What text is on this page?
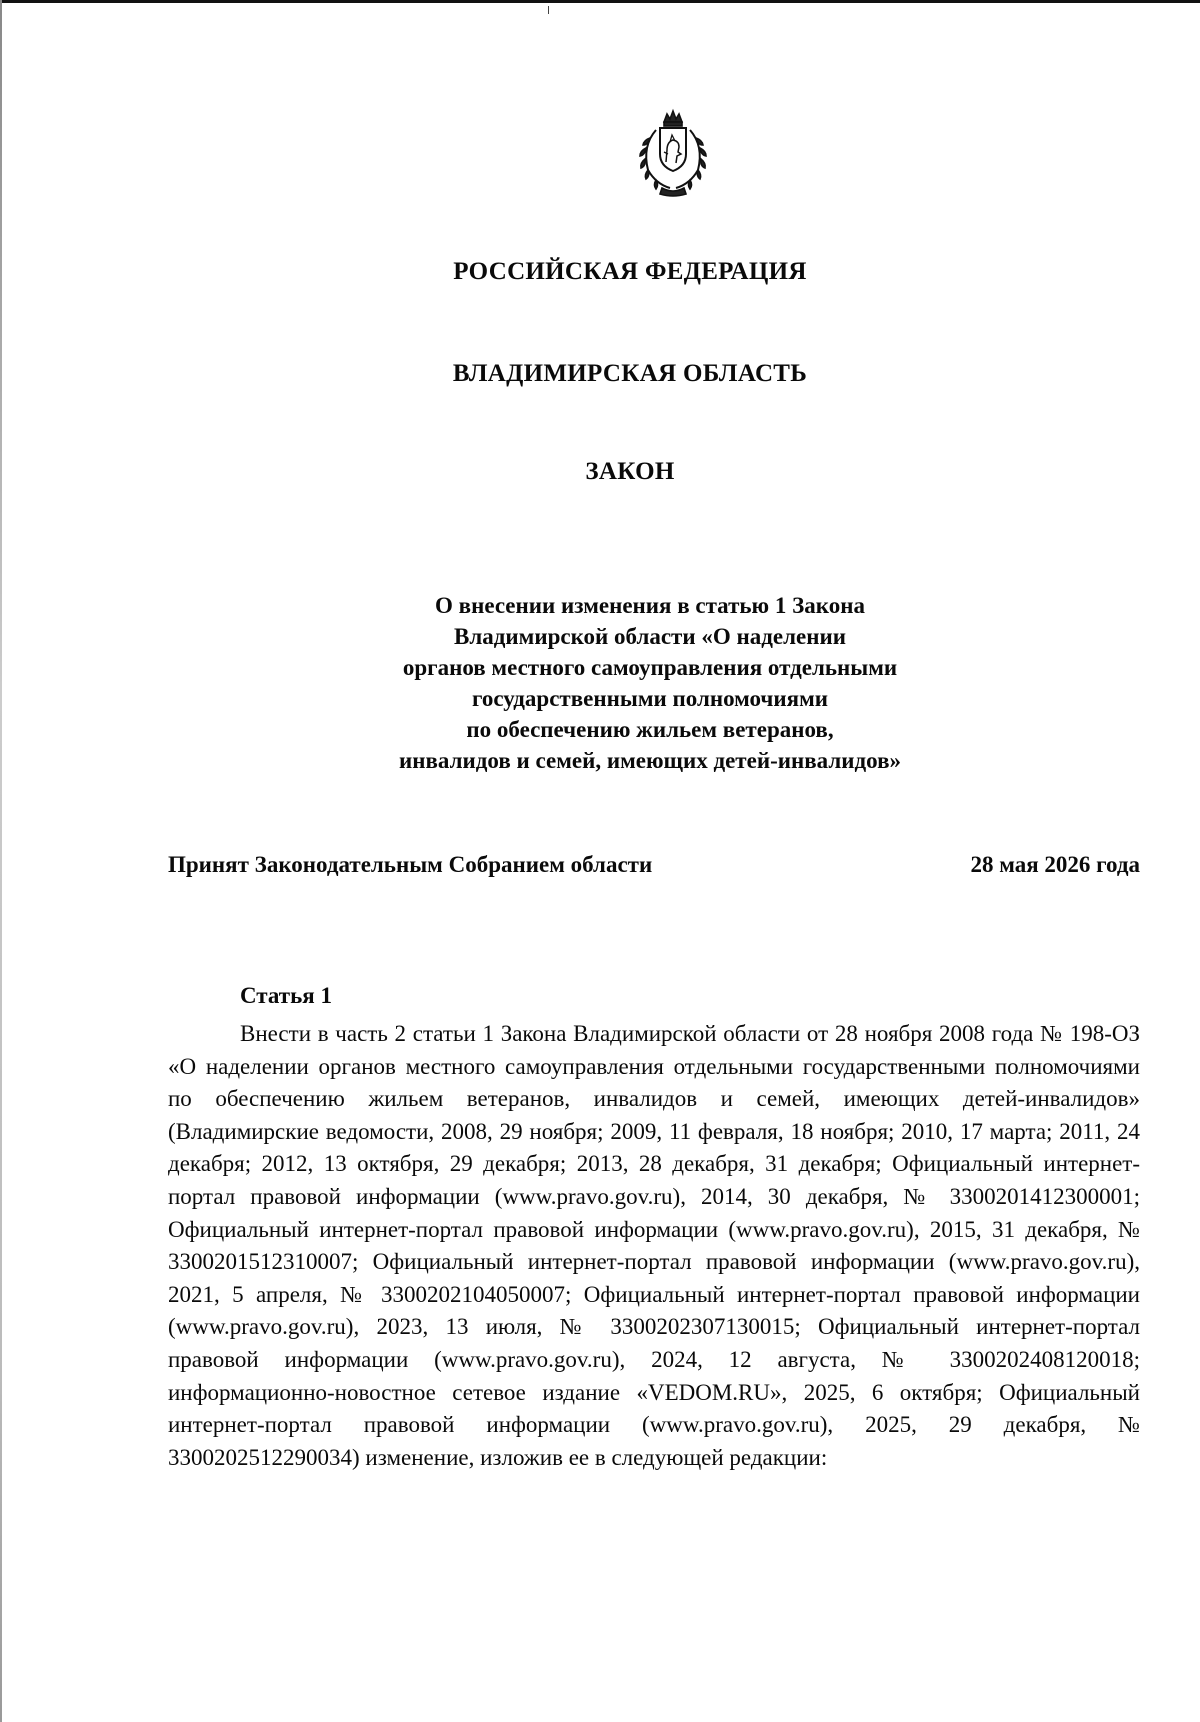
РОССИЙСКАЯ ФЕДЕРАЦИЯ
ВЛАДИМИРСКАЯ ОБЛАСТЬ
ЗАКОН
О внесении изменения в статью 1 Закона
Владимирской области «О наделении
органов местного самоуправления отдельными
государственными полномочиями
по обеспечению жильем ветеранов,
инвалидов и семей, имеющих детей-инвалидов»
Принят Законодательным Собранием области	28 мая 2026 года
Статья 1

Внести в часть 2 статьи 1 Закона Владимирской области от 28 ноября 2008 года № 198-ОЗ «О наделении органов местного самоуправления отдельными государственными полномочиями по обеспечению жильем ветеранов, инвалидов и семей, имеющих детей-инвалидов» (Владимирские ведомости, 2008, 29 ноября; 2009, 11 февраля, 18 ноября; 2010, 17 марта; 2011, 24 декабря; 2012, 13 октября, 29 декабря; 2013, 28 декабря, 31 декабря; Официальный интернет-портал правовой информации (www.pravo.gov.ru), 2014, 30 декабря, № 3300201412300001; Официальный интернет-портал правовой информации (www.pravo.gov.ru), 2015, 31 декабря, № 3300201512310007; Официальный интернет-портал правовой информации (www.pravo.gov.ru), 2021, 5 апреля, № 3300202104050007; Официальный интернет-портал правовой информации (www.pravo.gov.ru), 2023, 13 июля, № 3300202307130015; Официальный интернет-портал правовой информации (www.pravo.gov.ru), 2024, 12 августа, № 3300202408120018; информационно-новостное сетевое издание «VEDOM.RU», 2025, 6 октября; Официальный интернет-портал правовой информации (www.pravo.gov.ru), 2025, 29 декабря, № 3300202512290034) изменение, изложив ее в следующей редакции:
